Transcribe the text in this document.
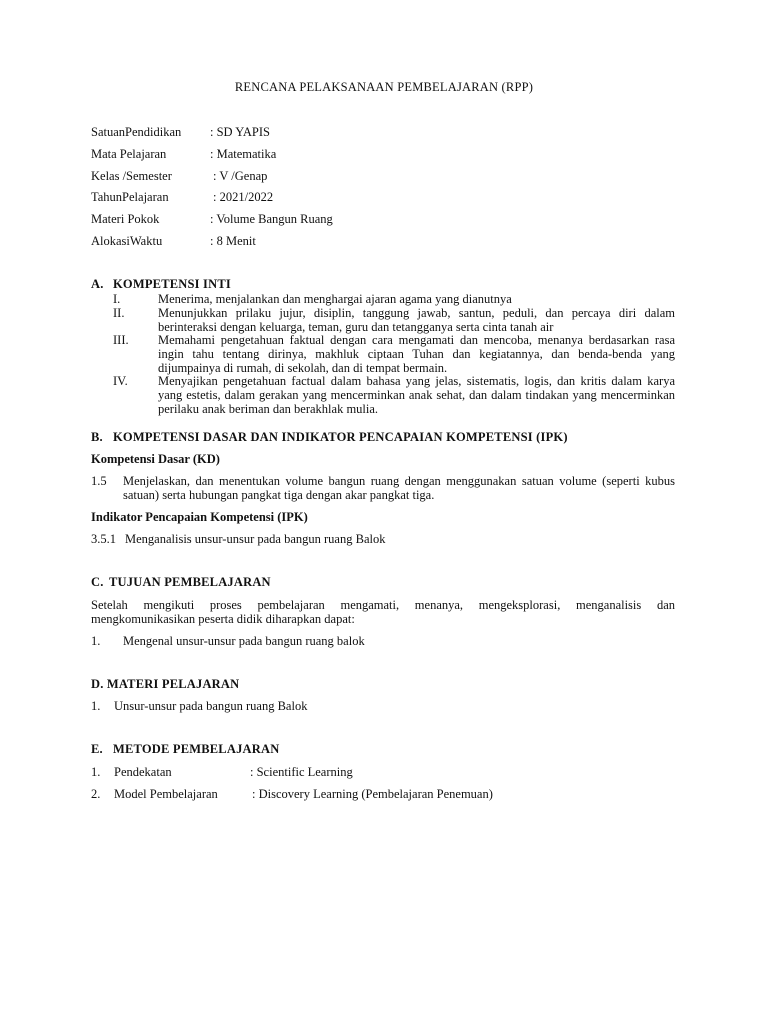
RENCANA PELAKSANAAN PEMBELAJARAN (RPP)
SatuanPendidikan : SD YAPIS
Mata Pelajaran	: Matematika
Kelas /Semester	: V /Genap
TahunPelajaran	: 2021/2022
Materi Pokok	: Volume Bangun Ruang
AlokasiWaktu	: 8 Menit
A. KOMPETENSI INTI
I.	Menerima, menjalankan dan menghargai ajaran agama yang dianutnya
II.	Menunjukkan prilaku jujur, disiplin, tanggung jawab, santun, peduli, dan percaya diri dalam berinteraksi dengan keluarga, teman, guru dan tetangganya serta cinta tanah air
III. Memahami pengetahuan faktual dengan cara mengamati dan mencoba, menanya berdasarkan rasa ingin tahu tentang dirinya, makhluk ciptaan Tuhan dan kegiatannya, dan benda-benda yang dijumpainya di rumah, di sekolah, dan di tempat bermain.
IV. Menyajikan pengetahuan factual dalam bahasa yang jelas, sistematis, logis, dan kritis dalam karya yang estetis, dalam gerakan yang mencerminkan anak sehat, dan dalam tindakan yang mencerminkan perilaku anak beriman dan berakhlak mulia.
B. KOMPETENSI DASAR DAN INDIKATOR PENCAPAIAN KOMPETENSI (IPK)
Kompetensi Dasar (KD)
1.5 Menjelaskan, dan menentukan volume bangun ruang dengan menggunakan satuan volume (seperti kubus satuan) serta hubungan pangkat tiga dengan akar pangkat tiga.
Indikator Pencapaian Kompetensi (IPK)
3.5.1 Menganalisis unsur-unsur pada bangun ruang Balok
C. TUJUAN PEMBELAJARAN
Setelah mengikuti proses pembelajaran mengamati, menanya, mengeksplorasi, menganalisis dan mengkomunikasikan peserta didik diharapkan dapat:
1. Mengenal unsur-unsur pada bangun ruang balok
D. MATERI PELAJARAN
1. Unsur-unsur pada bangun ruang Balok
E. METODE PEMBELAJARAN
1. Pendekatan	: Scientific Learning
2. Model Pembelajaran	: Discovery Learning (Pembelajaran Penemuan)
